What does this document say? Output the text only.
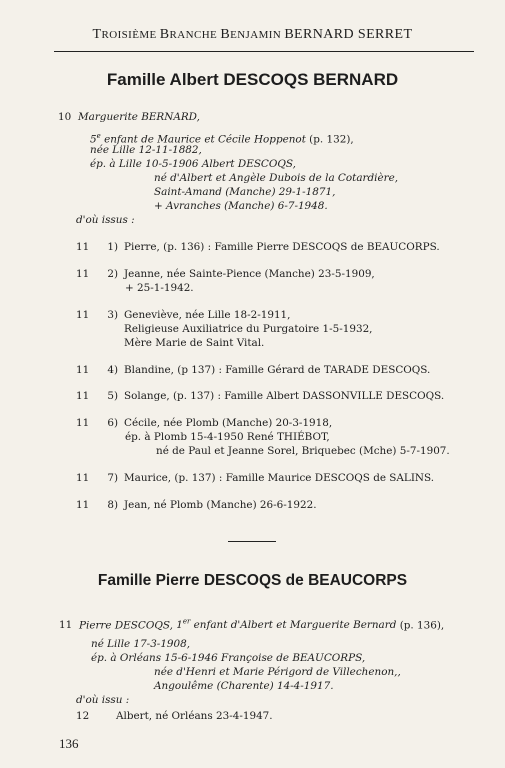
TROISIÈME BRANCHE BENJAMIN BERNARD SERRET
Famille Albert DESCOQS BERNARD
10 Marguerite BERNARD,
5e enfant de Maurice et Cécile Hoppenot (p. 132),
née Lille 12-11-1882,
ép. à Lille 10-5-1906 Albert DESCOQS,
né d'Albert et Angèle Dubois de la Cotardière,
Saint-Amand (Manche) 29-1-1871,
+ Avranches (Manche) 6-7-1948.
d'où issus :
11 1) Pierre, (p. 136) : Famille Pierre DESCOQS de BEAUCORPS.
11 2) Jeanne, née Sainte-Pience (Manche) 23-5-1909,
+ 25-1-1942.
11 3) Geneviève, née Lille 18-2-1911,
Religieuse Auxiliatrice du Purgatoire 1-5-1932,
Mère Marie de Saint Vital.
11 4) Blandine, (p 137) : Famille Gérard de TARADE DESCOQS.
11 5) Solange, (p. 137) : Famille Albert DASSONVILLE DESCOQS.
11 6) Cécile, née Plomb (Manche) 20-3-1918,
ép. à Plomb 15-4-1950 René THIÉBOT,
né de Paul et Jeanne Sorel, Briquebec (Mche) 5-7-1907.
11 7) Maurice, (p. 137) : Famille Maurice DESCOQS de SALINS.
11 8) Jean, né Plomb (Manche) 26-6-1922.
Famille Pierre DESCOQS de BEAUCORPS
11 Pierre DESCOQS, 1er enfant d'Albert et Marguerite Bernard (p. 136),
né Lille 17-3-1908,
ép. à Orléans 15-6-1946 Françoise de BEAUCORPS,
née d'Henri et Marie Périgord de Villechenon,,
Angoulême (Charente) 14-4-1917.
d'où issu :
12	Albert, né Orléans 23-4-1947.
136
